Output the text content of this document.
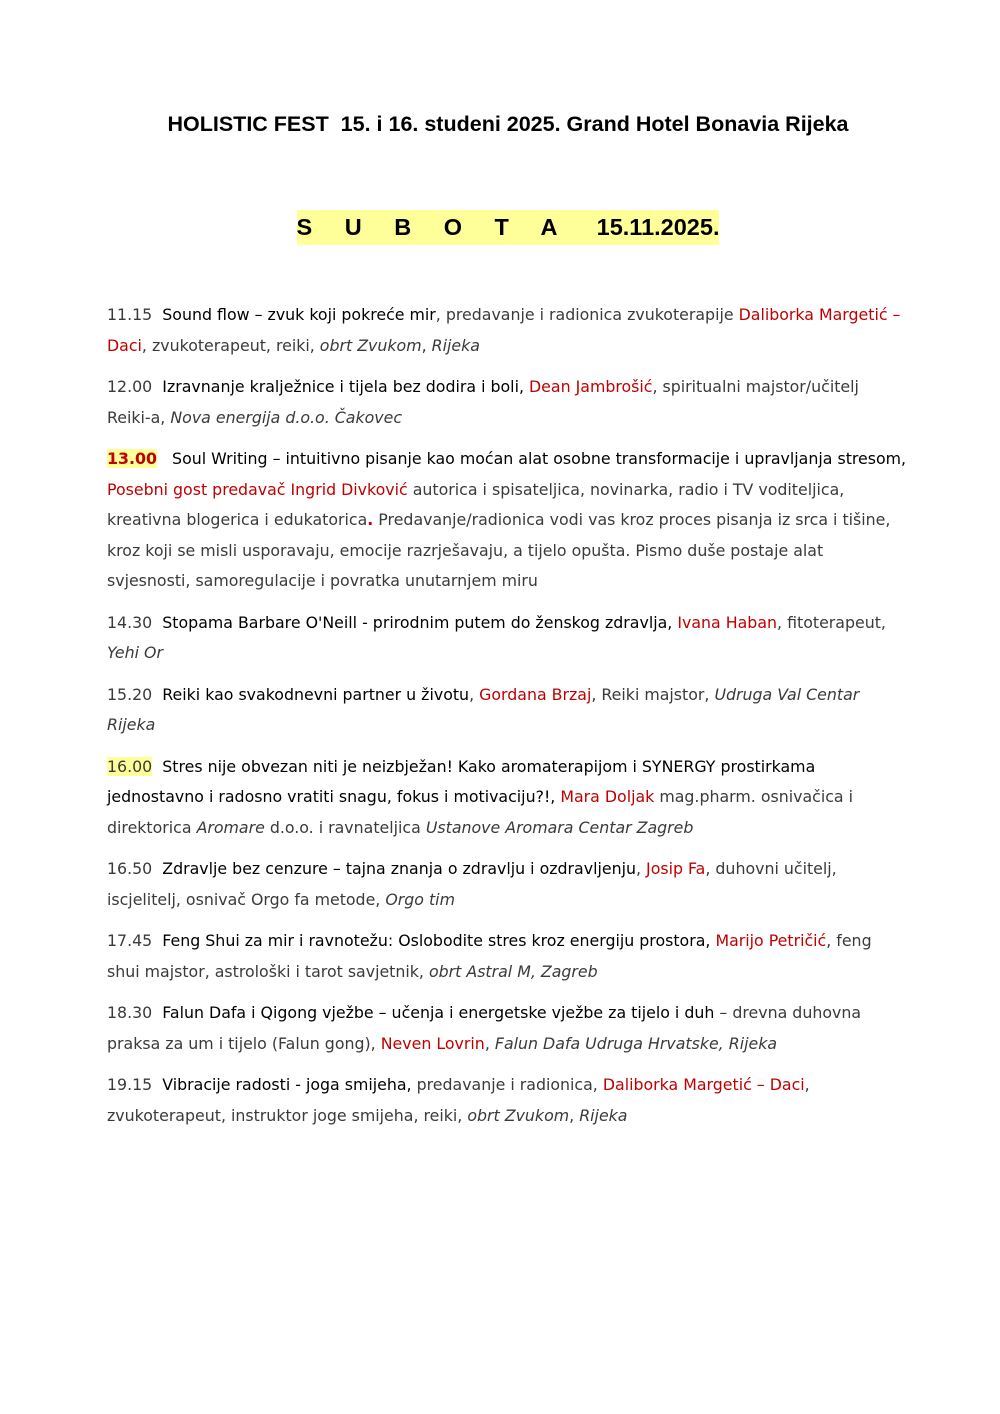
HOLISTIC FEST  15. i 16. studeni 2025. Grand Hotel Bonavia Rijeka
S U B O T A 15.11.2025.
11.15 Sound flow – zvuk koji pokreće mir, predavanje i radionica zvukoterapije Daliborka Margetić – Daci, zvukoterapeut, reiki, obrt Zvukom, Rijeka
12.00 Izravnanje kralježnice i tijela bez dodira i boli, Dean Jambrošić, spiritualni majstor/učitelj Reiki-a, Nova energija d.o.o. Čakovec
13.00 Soul Writing – intuitivno pisanje kao moćan alat osobne transformacije i upravljanja stresom, Posebni gost predavač Ingrid Divković autorica i spisateljica, novinarka, radio i TV voditeljica, kreativna blogerica i edukatorica. Predavanje/radionica vodi vas kroz proces pisanja iz srca i tišine, kroz koji se misli usporavaju, emocije razrješavaju, a tijelo opušta. Pismo duše postaje alat svjesnosti, samoregulacije i povratka unutarnjem miru
14.30 Stopama Barbare O'Neill - prirodnim putem do ženskog zdravlja, Ivana Haban, fitoterapeut, Yehi Or
15.20 Reiki kao svakodnevni partner u životu, Gordana Brzaj, Reiki majstor, Udruga Val Centar Rijeka
16.00 Stres nije obvezan niti je neizbježan! Kako aromaterapijom i SYNERGY prostirkama jednostavno i radosno vratiti snagu, fokus i motivaciju?!, Mara Doljak mag.pharm. osnivačica i direktorica Aromare d.o.o. i ravnateljica Ustanove Aromara Centar Zagreb
16.50 Zdravlje bez cenzure – tajna znanja o zdravlju i ozdravljenju, Josip Fa, duhovni učitelj, iscjelitelj, osnivač Orgo fa metode, Orgo tim
17.45 Feng Shui za mir i ravnotežu: Oslobodite stres kroz energiju prostora, Marijo Petričić, feng shui majstor, astrološki i tarot savjetnik, obrt Astral M, Zagreb
18.30 Falun Dafa i Qigong vježbe – učenja i energetske vježbe za tijelo i duh – drevna duhovna praksa za um i tijelo (Falun gong), Neven Lovrin, Falun Dafa Udruga Hrvatske, Rijeka
19.15 Vibracije radosti - joga smijeha, predavanje i radionica, Daliborka Margetić – Daci, zvukoterapeut, instruktor joge smijeha, reiki, obrt Zvukom, Rijeka
